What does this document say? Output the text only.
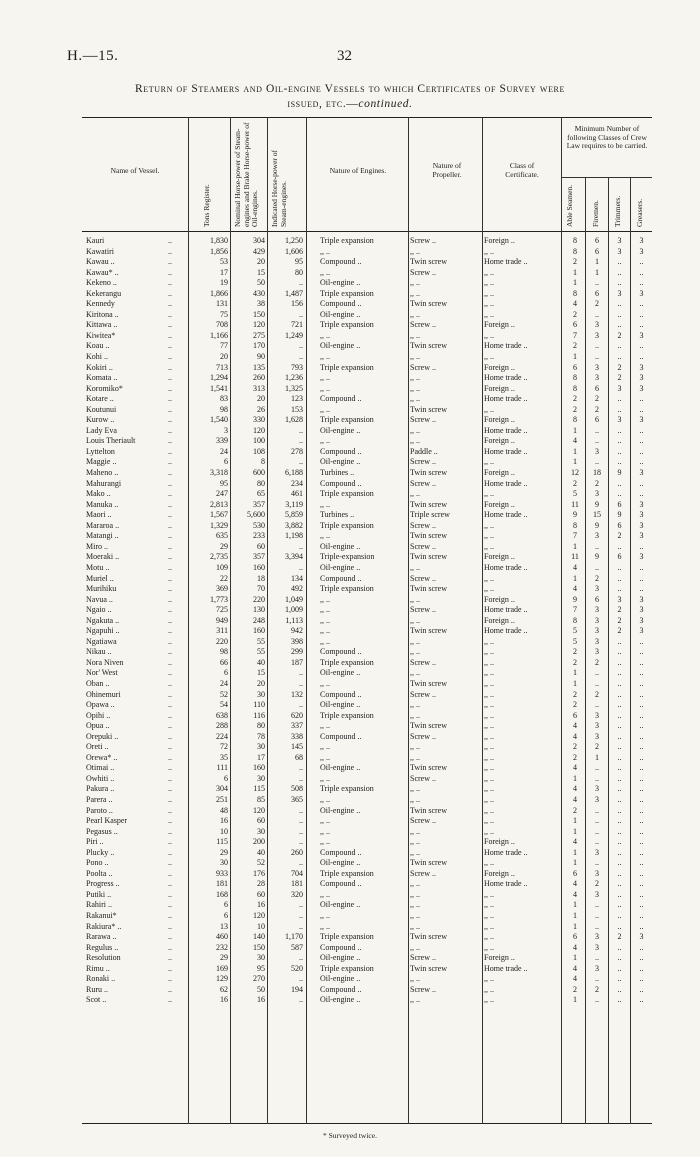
H.—15.	32
Return of Steamers and Oil-engine Vessels to which Certificates of Survey were
issued, etc.—continued.
Name of Vessel.
Tons Register.	Nominal Horse-power of Steam-engines and Brake Horse-power of Oil-engines. Indicated Horse-power of Steam-engines.
Nature of Engines.
Nature of Propeller.
Class of Certificate.
Minimum Number of following Classes of Crew Law requires to be carried.
Able Seamen. Firemen. Trimmers. Greasers.
Kauri	..	1,830	304	1,250 Triple expansion	Screw ..	Foreign ..	8	6	3	3
Kawatiri	..	1,856	429	1,606 ,, ..	,, ..	,, ..	8	6	3	3
Kawau ..	..	53	20	95 Compound ..	Twin screw	Home trade ..	2	1	..	..
Kawau* ..	..	17	15	80 ,, ..	Screw ..	,, ..	1	1	..	..
Kekeno ..	..	19	50	.. Oil-engine ..	,, ..	,, ..	1	..	..	..
Kekerangu	..	1,866	430	1,487 Triple expansion	,, ..	,, ..	8	6	3	3
Kennedy	..	131	38	156 Compound ..	Twin screw	,, ..	4	2	..	..
Kiritona ..	..	75	150	.. Oil-engine ..	,, ..	,, ..	2	..	..	..
Kittawa ..	..	708	120	721 Triple expansion	Screw ..	Foreign ..	6	3	..	..
Kiwitea*	..	1,166	275	1,249 ,, ..	,, ..	,, ..	7	3	2	3
Koau ..	..	77	170	.. Oil-engine ..	Twin screw	Home trade ..	2	..	..	..
Kohi ..	..	20	90	.. ,, ..	,, ..	,, ..	1	..	..	..
Kokiri ..	..	713	135	793 Triple expansion	Screw ..	Foreign ..	6	3	2	3
Komata ..	..	1,294	260	1,236 ,, ..	,, ..	Home trade ..	8	3	2	3
Koromiko*	..	1,541	313	1,325 ,, ..	,, ..	Foreign ..	8	6	3	3
Kotare ..	..	83	20	123 Compound ..	,, ..	Home trade ..	2	2	..	..
Koutunui	..	98	26	153 ,, ..	Twin screw	,, ..	2	2	..	..
Kurow ..	..	1,540	330	1,628 Triple expansion	Screw ..	Foreign ..	8	6	3	3
Lady Eva	..	3	120	.. Oil-engine ..	,, ..	Home trade ..	1	..	..	..
Louis Theriault	..	339	100	.. ,, ..	,, ..	Foreign ..	4	..	..	..
Lyttelton	..	24	108	278 Compound ..	Paddle ..	Home trade ..	1	3	..	..
Maggie ..	..	6	8	.. Oil-engine ..	Screw ..	,, ..	1	..	..	..
Maheno ..	..	3,318	600	6,188 Turbines ..	Twin screw	Foreign ..	12	18	9	3
Mahurangi	..	95	80	234 Compound ..	Screw ..	Home trade ..	2	2	..	..
Mako ..	..	247	65	461 Triple expansion	,, ..	,, ..	5	3	..	..
Manuka ..	..	2,813	357	3,119 ,, ..	Twin screw	Foreign ..	11	9	6	3
Maori ..	..	1,567	5,600	5,859 Turbines ..	Triple screw	Home trade ..	9	15	9	3
Mararoa ..	..	1,329	530	3,882 Triple expansion	Screw ..	,, ..	8	9	6	3
Matangi ..	..	635	233	1,198 ,, ..	Twin screw	,, ..	7	3	2	3
Miro ..	..	29	60	.. Oil-engine ..	Screw ..	,, ..	1	..	..	..
Moeraki ..	..	2,735	357	3,394 Triple-expansion	Twin screw	Foreign ..	11	9	6	3
Motu ..	..	109	160	.. Oil-engine ..	,, ..	Home trade ..	4	..	..	..
Muriel ..	..	22	18	134 Compound ..	Screw ..	,, ..	1	2	..	..
Murihiku	..	369	70	492 Triple expansion	Twin screw	,, ..	4	3	..	..
Navua ..	..	1,773	220	1,049 ,, ..	,, ..	Foreign ..	9	6	3	3
Ngaio ..	..	725	130	1,009 ,, ..	Screw ..	Home trade ..	7	3	2	3
Ngakuta ..	..	949	248	1,113 ,, ..	,, ..	Foreign ..	8	3	2	3
Ngapuhi ..	..	311	160	942 ,, ..	Twin screw	Home trade ..	5	3	2	3
Ngatiawa	..	220	55	398 ,, ..	,, ..	,, ..	5	3	..	..
Nikau ..	..	98	55	299 Compound ..	,, ..	,, ..	2	3	..	..
Nora Niven	..	66	40	187 Triple expansion	Screw ..	,, ..	2	2	..	..
Nor' West	..	6	15	.. Oil-engine ..	,, ..	,, ..	1	..	..	..
Oban ..	..	24	20	.. ,, ..	Twin screw	,, ..	1	..	..	..
Ohinemuri	..	52	30	132 Compound ..	Screw ..	,, ..	2	2	..	..
Opawa ..	..	54	110	.. Oil-engine ..	,, ..	,, ..	2	..	..	..
Opihi ..	..	638	116	620 Triple expansion	,, ..	,, ..	6	3	..	..
Opua ..	..	288	80	337 ,, ..	Twin screw	,, ..	4	3	..	..
Orepuki ..	..	224	78	338 Compound ..	Screw ..	,, ..	4	3	..	..
Oreti ..	..	72	30	145 ,, ..	,, ..	,, ..	2	2	..	..
Orewa* ..	..	35	17	68 ,, ..	,, ..	,, ..	2	1	..	..
Otimai ..	..	111	160	.. Oil-engine ..	Twin screw	,, ..	4	..	..	..
Owhiti ..	..	6	30	.. ,, ..	Screw ..	,, ..	1	..	..	..
Pakura ..	..	304	115	508 Triple expansion	,, ..	,, ..	4	3	..	..
Parera ..	..	251	85	365 ,, ..	,, ..	,, ..	4	3	..	..
Paroto ..	..	48	120	.. Oil-engine ..	Twin screw	,, ..	2	..	..	..
Pearl Kasper	..	16	60	.. ,, ..	Screw ..	,, ..	1	..	..	..
Pegasus ..	..	10	30	.. ,, ..	,, ..	,, ..	1	..	..	..
Piri ..	..	115	200	.. ,, ..	,, ..	Foreign ..	4	..	..	..
Plucky ..	..	29	40	260 Compound ..	,, ..	Home trade ..	1	3	..	..
Pono ..	..	30	52	.. Oil-engine ..	Twin screw	,, ..	1	..	..	..
Poolta ..	..	933	176	704 Triple expansion	Screw ..	Foreign ..	6	3	..	..
Progress ..	..	181	28	181 Compound ..	,, ..	Home trade ..	4	2	..	..
Putiki ..	..	168	60	320 ,, ..	,, ..	,, ..	4	3	..	..
Rahiri ..	..	6	16	.. Oil-engine ..	,, ..	,, ..	1	..	..	..
Rakanui*	..	6	120	.. ,, ..	,, ..	,, ..	1	..	..	..
Rakiura* ..	..	13	10	.. ,, ..	,, ..	,, ..	1	..	..	..
Rarawa ..	..	460	140	1,170 Triple expansion	Twin screw	,, ..	6	3	2	3
Regulus ..	..	232	150	587 Compound ..	,, ..	,, ..	4	3	..	..
Resolution	..	29	30	.. Oil-engine ..	Screw ..	Foreign ..	1	..	..	..
Rimu ..	..	169	95	520 Triple expansion	Twin screw	Home trade ..	4	3	..	..
Ronaki ..	..	129	270	.. Oil-engine ..	,, ..	,, ..	4	..	..	..
Ruru ..	..	62	50	194 Compound ..	Screw ..	,, ..	2	2	..	..
Scot ..	..	16	16	.. Oil-engine ..	,, ..	,, ..	1	..	..	..
* Surveyed twice.
